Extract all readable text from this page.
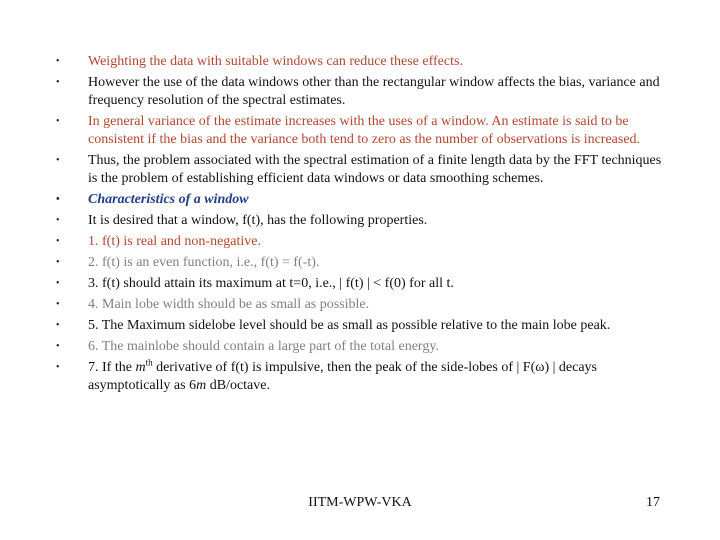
• Weighting the data with suitable windows can reduce these effects.
• However the use of the data windows other than the rectangular window affects the bias, variance and frequency resolution of the spectral estimates.
• In general variance of the estimate increases with the uses of a window. An estimate is said to be consistent if the bias and the variance both tend to zero as the number of observations is increased.
• Thus, the problem associated with the spectral estimation of a finite length data by the FFT techniques is the problem of establishing efficient data windows or data smoothing schemes.
• Characteristics of a window
• It is desired that a window, f(t), has the following properties.
• 1. f(t) is real and non-negative.
• 2. f(t) is an even function, i.e., f(t) = f(-t).
• 3. f(t) should attain its maximum at t=0, i.e., | f(t) | < f(0) for all t.
• 4. Main lobe width should be as small as possible.
• 5. The Maximum sidelobe level should be as small as possible relative to the main lobe peak.
• 6. The mainlobe should contain a large part of the total energy.
• 7. If the $m^{th}$ derivative of f(t) is impulsive, then the peak of the side-lobes of | F(ω) | decays asymptotically as 6m dB/octave.
IITM-WPW-VKA	17
